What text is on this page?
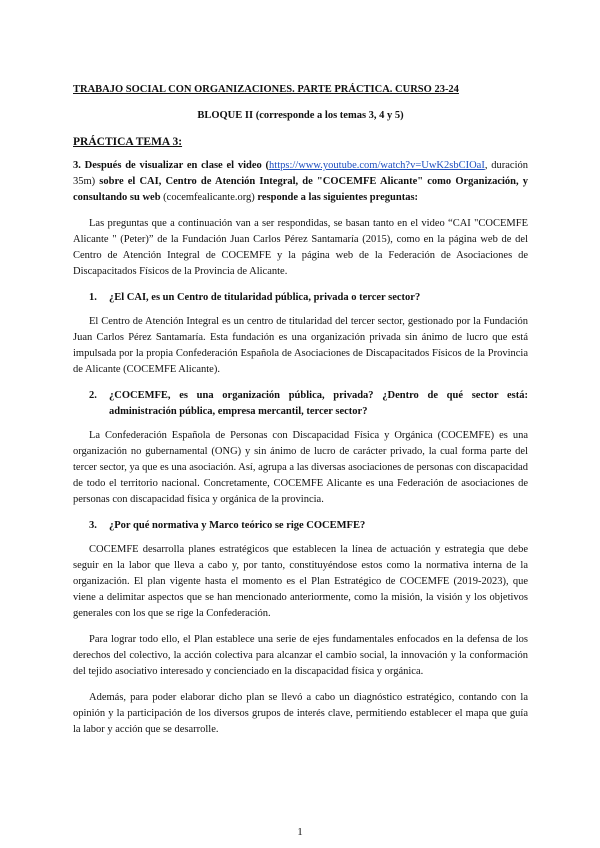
TRABAJO SOCIAL CON ORGANIZACIONES. PARTE PRÁCTICA. CURSO 23-24
BLOQUE II (corresponde a los temas 3, 4 y 5)
PRÁCTICA TEMA 3:

3. Después de visualizar en clase el video (https://www.youtube.com/watch?v=UwK2sbCIOaI, duración 35m) sobre el CAI, Centro de Atención Integral, de "COCEMFE Alicante" como Organización, y consultando su web (cocemfealicante.org) responde a las siguientes preguntas:

Las preguntas que a continuación van a ser respondidas, se basan tanto en el video “CAI "COCEMFE Alicante " (Peter)” de la Fundación Juan Carlos Pérez Santamaría (2015), como en la página web de del Centro de Atención Integral de COCEMFE y la página web de la Federación de Asociaciones de Discapacitados Físicos de la Provincia de Alicante.

1. ¿El CAI, es un Centro de titularidad pública, privada o tercer sector?

El Centro de Atención Integral es un centro de titularidad del tercer sector, gestionado por la Fundación Juan Carlos Pérez Santamaría. Esta fundación es una organización privada sin ánimo de lucro que está impulsada por la propia Confederación Española de Asociaciones de Discapacitados Físicos de la Provincia de Alicante (COCEMFE Alicante).

2. ¿COCEMFE, es una organización pública, privada? ¿Dentro de qué sector está: administración pública, empresa mercantil, tercer sector?

La Confederación Española de Personas con Discapacidad Física y Orgánica (COCEMFE) es una organización no gubernamental (ONG) y sin ánimo de lucro de carácter privado, la cual forma parte del tercer sector, ya que es una asociación. Así, agrupa a las diversas asociaciones de personas con discapacidad de todo el territorio nacional. Concretamente, COCEMFE Alicante es una Federación de asociaciones de personas con discapacidad física y orgánica de la provincia.

3. ¿Por qué normativa y Marco teórico se rige COCEMFE?

COCEMFE desarrolla planes estratégicos que establecen la línea de actuación y estrategia que debe seguir en la labor que lleva a cabo y, por tanto, constituyéndose estos como la normativa interna de la organización. El plan vigente hasta el momento es el Plan Estratégico de COCEMFE (2019-2023), que viene a delimitar aspectos que se han mencionado anteriormente, como la misión, la visión y los objetivos generales con los que se rige la Confederación.

Para lograr todo ello, el Plan establece una serie de ejes fundamentales enfocados en la defensa de los derechos del colectivo, la acción colectiva para alcanzar el cambio social, la innovación y la conformación del tejido asociativo interesado y concienciado en la discapacidad física y orgánica.

Además, para poder elaborar dicho plan se llevó a cabo un diagnóstico estratégico, contando con la opinión y la participación de los diversos grupos de interés clave, permitiendo establecer el mapa que guía la labor y acción que se desarrolle.

1
